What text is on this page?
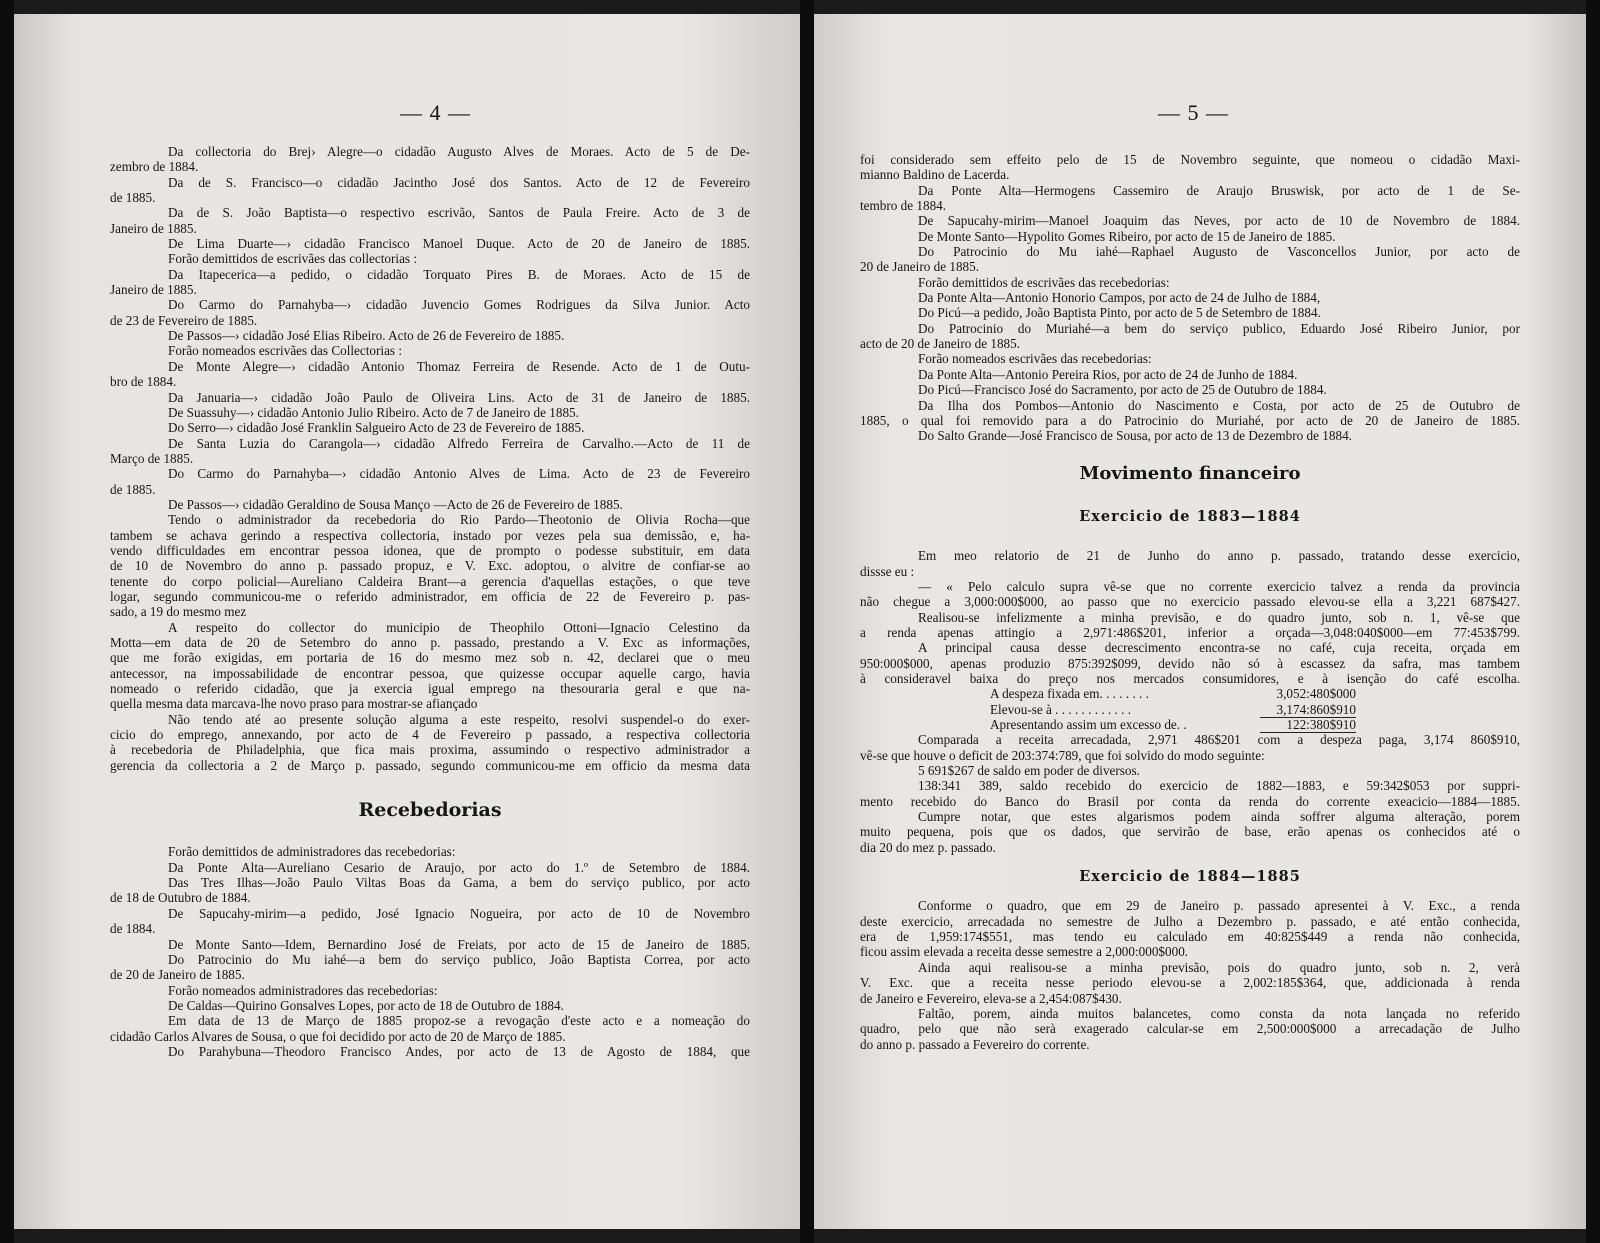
— 4 —
Da collectoria do Brej› Alegre—o cidadão Augusto Alves de Moraes. Acto de 5 de De-
zembro de 1884.
Da de S. Francisco—o cidadão Jacintho José dos Santos. Acto de 12 de Fevereiro
de 1885.
Da de S. João Baptista—o respectivo escrivão, Santos de Paula Freire. Acto de 3 de
Janeiro de 1885.
De Lima Duarte—› cidadão Francisco Manoel Duque. Acto de 20 de Janeiro de 1885.
Forão demittidos de escrivães das collectorias :
Da Itapecerica—a pedido, o cidadão Torquato Pires B. de Moraes. Acto de 15 de
Janeiro de 1885.
Do Carmo do Parnahyba—› cidadão Juvencio Gomes Rodrigues da Silva Junior. Acto
de 23 de Fevereiro de 1885.
De Passos—› cidadão José Elias Ribeiro. Acto de 26 de Fevereiro de 1885.
Forão nomeados escrivães das Collectorias :
De Monte Alegre—› cidadão Antonio Thomaz Ferreira de Resende. Acto de 1 de Outu-
bro de 1884.
Da Januaria—› cidadão João Paulo de Oliveira Lins. Acto de 31 de Janeiro de 1885.
De Suassuhy—› cidadão Antonio Julio Ribeiro. Acto de 7 de Janeiro de 1885.
Do Serro—› cidadão José Franklin Salgueiro Acto de 23 de Fevereiro de 1885.
De Santa Luzia do Carangola—› cidadão Alfredo Ferreira de Carvalho.—Acto de 11 de
Março de 1885.
Do Carmo do Parnahyba—› cidadão Antonio Alves de Lima. Acto de 23 de Fevereiro
de 1885.
De Passos—› cidadão Geraldino de Sousa Manço —Acto de 26 de Fevereiro de 1885.
Tendo o administrador da recebedoria do Rio Pardo—Theotonio de Olivia Rocha—que
tambem se achava gerindo a respectiva collectoria, instado por vezes pela sua demissão, e, ha-
vendo difficuldades em encontrar pessoa idonea, que de prompto o podesse substituir, em data
de 10 de Novembro do anno p. passado propuz, e V. Exc. adoptou, o alvitre de confiar-se ao
tenente do corpo policial—Aureliano Caldeira Brant—a gerencia d'aquellas estações, o que teve
logar, segundo communicou-me o referido administrador, em officia de 22 de Fevereiro p. pas-
sado, a 19 do mesmo mez
A respeito do collector do municipio de Theophilo Ottoni—Ignacio Celestino da
Motta—em data de 20 de Setembro do anno p. passado, prestando a V. Exc as informações,
que me forão exigidas, em portaria de 16 do mesmo mez sob n. 42, declarei que o meu
antecessor, na impossabilidade de encontrar pessoa, que quizesse occupar aquelle cargo, havia
nomeado o referido cidadão, que ja exercia igual emprego na thesouraria geral e que na-
quella mesma data marcava-lhe novo praso para mostrar-se afiançado
Não tendo até ao presente solução alguma a este respeito, resolvi suspendel-o do exer-
cicio do emprego, annexando, por acto de 4 de Fevereiro p passado, a respectiva collectoria
à recebedoria de Philadelphia, que fica mais proxima, assumindo o respectivo administrador a
gerencia da collectoria a 2 de Março p. passado, segundo communicou-me em officio da mesma data
Recebedorias
Forão demittidos de administradores das recebedorias:
Da Ponte Alta—Aureliano Cesario de Araujo, por acto do 1.º de Setembro de 1884.
Das Tres Ilhas—João Paulo Viltas Boas da Gama, a bem do serviço publico, por acto
de 18 de Outubro de 1884.
De Sapucahy-mirim—a pedido, José Ignacio Nogueira, por acto de 10 de Novembro
de 1884.
De Monte Santo—Idem, Bernardino José de Freiats, por acto de 15 de Janeiro de 1885.
Do Patrocinio do Mu iahé—a bem do serviço publico, João Baptista Correa, por acto
de 20 de Janeiro de 1885.
Forão nomeados administradores das recebedorias:
De Caldas—Quirino Gonsalves Lopes, por acto de 18 de Outubro de 1884.
Em data de 13 de Março de 1885 propoz-se a revogação d'este acto e a nomeação do
cidadão Carlos Alvares de Sousa, o que foi decidido por acto de 20 de Março de 1885.
Do Parahybuna—Theodoro Francisco Andes, por acto de 13 de Agosto de 1884, que
— 5 —
foi considerado sem effeito pelo de 15 de Novembro seguinte, que nomeou o cidadão Maxi-
mianno Baldino de Lacerda.
Da Ponte Alta—Hermogens Cassemiro de Araujo Bruswisk, por acto de 1 de Se-
tembro de 1884.
De Sapucahy-mirim—Manoel Joaquim das Neves, por acto de 10 de Novembro de 1884.
De Monte Santo—Hypolito Gomes Ribeiro, por acto de 15 de Janeiro de 1885.
Do Patrocinio do Mu iahé—Raphael Augusto de Vasconcellos Junior, por acto de
20 de Janeiro de 1885.
Forão demittidos de escrivães das recebedorias:
Da Ponte Alta—Antonio Honorio Campos, por acto de 24 de Julho de 1884,
Do Picú—a pedido, João Baptista Pinto, por acto de 5 de Setembro de 1884.
Do Patrocinio do Muriahé—a bem do serviço publico, Eduardo José Ribeiro Junior, por
acto de 20 de Janeiro de 1885.
Forão nomeados escrivães das recebedorias:
Da Ponte Alta—Antonio Pereira Rios, por acto de 24 de Junho de 1884.
Do Picú—Francisco José do Sacramento, por acto de 25 de Outubro de 1884.
Da Ilha dos Pombos—Antonio do Nascimento e Costa, por acto de 25 de Outubro de
1885, o qual foi removido para a do Patrocinio do Muriahé, por acto de 20 de Janeiro de 1885.
Do Salto Grande—José Francisco de Sousa, por acto de 13 de Dezembro de 1884.
Movimento financeiro
Exercicio de 1883—1884
Em meo relatorio de 21 de Junho do anno p. passado, tratando desse exercicio,
dissse eu :
— « Pelo calculo supra vê-se que no corrente exercicio talvez a renda da provincia
não chegue a 3,000:000$000, ao passo que no exercicio passado elevou-se ella a 3,221 687$427.
Realisou-se infelizmente a minha previsão, e do quadro junto, sob n. 1, vê-se que
a renda apenas attingio a 2,971:486$201, inferior a orçada—3,048:040$000—em 77:453$799.
A principal causa desse decrescimento encontra-se no café, cuja receita, orçada em
950:000$000, apenas produzio 875:392$099, devido não só à escassez da safra, mas tambem
à consideravel baixa do preço nos mercados consumidores, e à isenção do café escolha.
A despeza fixada em. . . . . . . .	3,052:480$000
Elevou-se à . . . . . . . . . . . .	3,174:860$910
Apresentando assim um excesso de. .	122:380$910
Comparada a receita arrecadada, 2,971 486$201 com a despeza paga, 3,174 860$910,
vê-se que houve o deficit de 203:374:789, que foi solvido do modo seguinte:
5 691$267 de saldo em poder de diversos.
138:341 389, saldo recebido do exercicio de 1882—1883, e 59:342$053 por suppri-
mento recebido do Banco do Brasil por conta da renda do corrente exeacicio—1884—1885.
Cumpre notar, que estes algarismos podem ainda soffrer alguma alteração, porem
muito pequena, pois que os dados, que servirão de base, erão apenas os conhecidos até o
dia 20 do mez p. passado.
Exercicio de 1884—1885
Conforme o quadro, que em 29 de Janeiro p. passado apresentei à V. Exc., a renda
deste exercicio, arrecadada no semestre de Julho a Dezembro p. passado, e até então conhecida,
era de 1,959:174$551, mas tendo eu calculado em 40:825$449 a renda não conhecida,
ficou assim elevada a receita desse semestre a 2,000:000$000.
Ainda aqui realisou-se a minha previsão, pois do quadro junto, sob n. 2, verà
V. Exc. que a receita nesse periodo elevou-se a 2,002:185$364, que, addicionada à renda
de Janeiro e Fevereiro, eleva-se a 2,454:087$430.
Faltão, porem, ainda muitos balancetes, como consta da nota lançada no referido
quadro, pelo que não serà exagerado calcular-se em 2,500:000$000 a arrecadação de Julho
do anno p. passado a Fevereiro do corrente.
